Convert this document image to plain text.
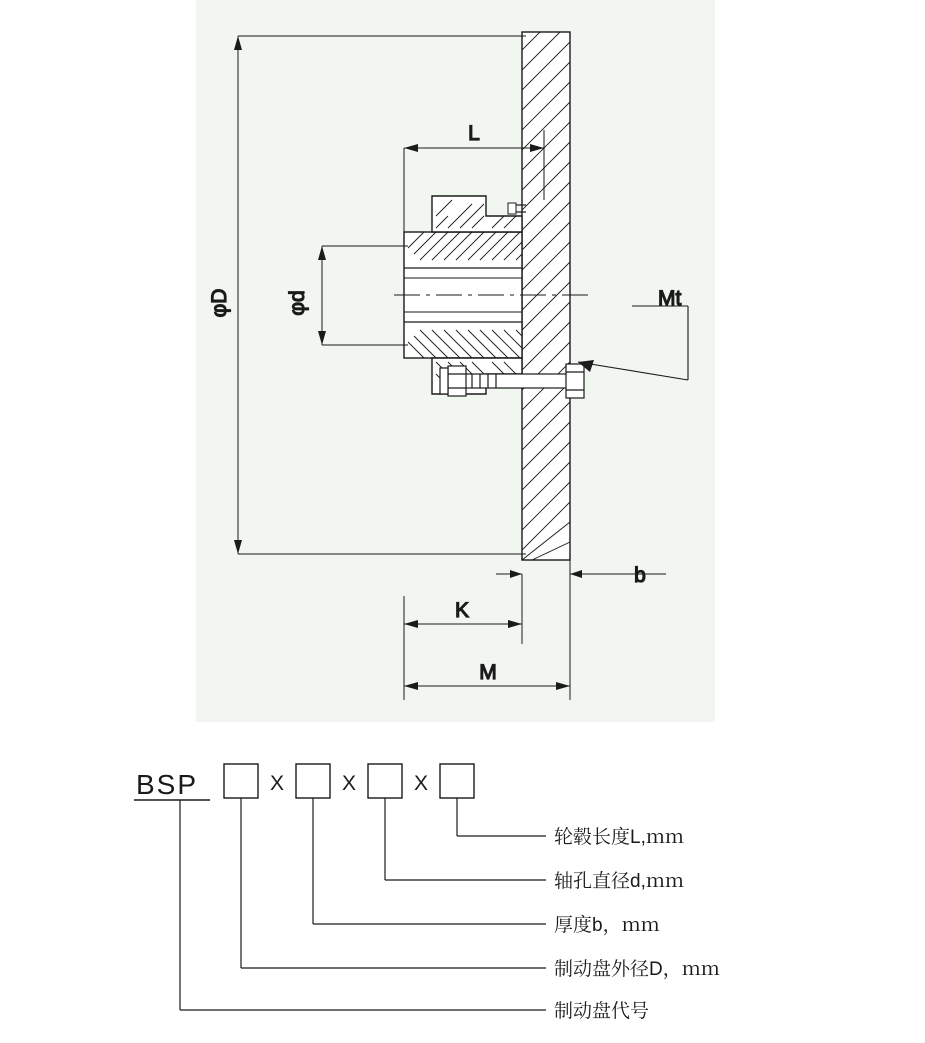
φD	φd
L
Mt
b
K
M
BSP	X	X	X
轮毂长度L,ｍｍ
轴孔直径d,ｍｍ
厚度b，ｍｍ
制动盘外径D，ｍｍ
制动盘代号
